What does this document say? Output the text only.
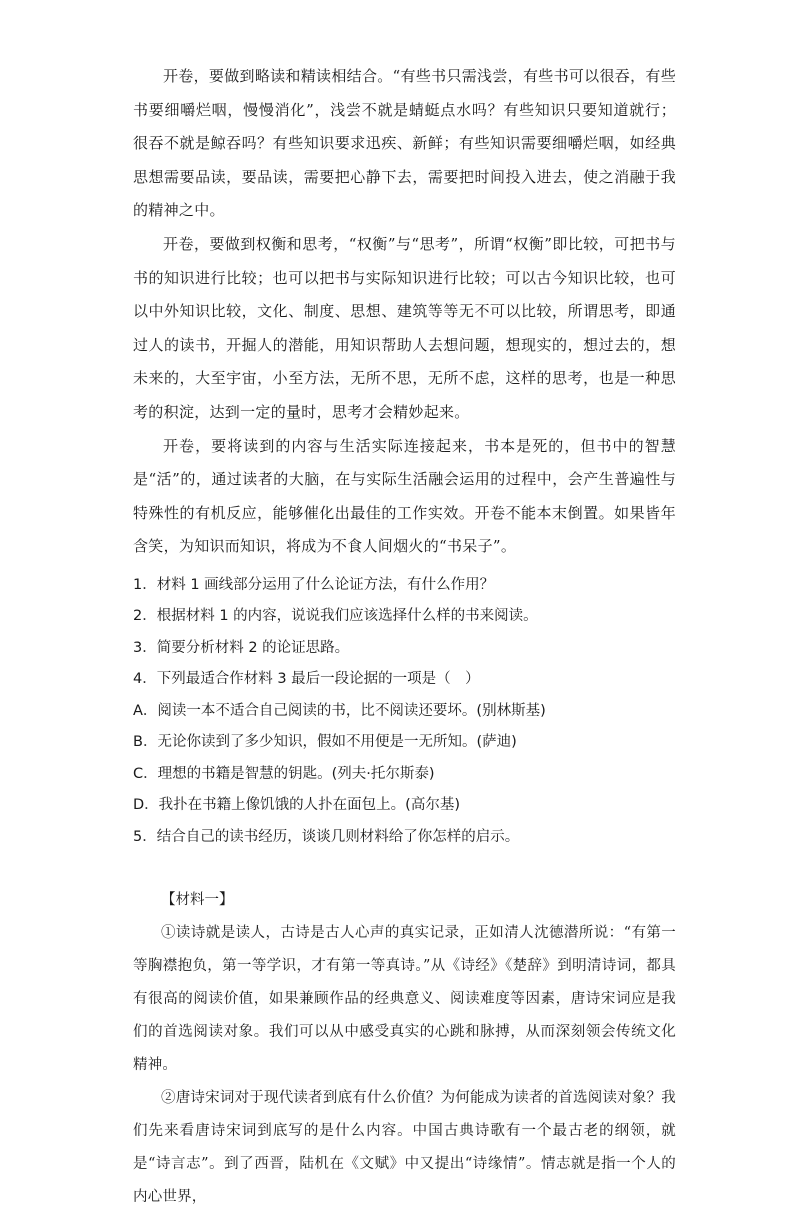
开卷，要做到略读和精读相结合。“有些书只需浅尝，有些书可以很吞，有些书要细嚼烂咽，慢慢消化”，浅尝不就是蜻蜓点水吗？有些知识只要知道就行；很吞不就是鲸吞吗？有些知识要求迅疾、新鲜；有些知识需要细嚼烂咽，如经典思想需要品读，要品读，需要把心静下去，需要把时间投入进去，使之消融于我的精神之中。

开卷，要做到权衡和思考，“权衡”与“思考”，所谓“权衡”即比较，可把书与书的知识进行比较；也可以把书与实际知识进行比较；可以古今知识比较，也可以中外知识比较，文化、制度、思想、建筑等等无不可以比较，所谓思考，即通过人的读书，开掘人的潜能，用知识帮助人去想问题，想现实的，想过去的，想未来的，大至宇宙，小至方法，无所不思，无所不虑，这样的思考，也是一种思考的积淀，达到一定的量时，思考才会精妙起来。

开卷，要将读到的内容与生活实际连接起来，书本是死的，但书中的智慧是“活”的，通过读者的大脑，在与实际生活融会运用的过程中，会产生普遍性与特殊性的有机反应，能够催化出最佳的工作实效。开卷不能本末倒置。如果皆年含笑，为知识而知识，将成为不食人间烟火的“书呆子”。

1．材料 1 画线部分运用了什么论证方法，有什么作用？
2．根据材料 1 的内容，说说我们应该选择什么样的书来阅读。
3．简要分析材料 2 的论证思路。
4．下列最适合作材料 3 最后一段论据的一项是（　）
A．阅读一本不适合自己阅读的书，比不阅读还要坏。(别林斯基)
B．无论你读到了多少知识，假如不用便是一无所知。(萨迪)
C．理想的书籍是智慧的钥匙。(列夫·托尔斯泰)
D．我扑在书籍上像饥饿的人扑在面包上。(高尔基)
5．结合自己的读书经历，谈谈几则材料给了你怎样的启示。

【材料一】

①读诗就是读人，古诗是古人心声的真实记录，正如清人沈德潜所说：“有第一等胸襟抱负，第一等学识，才有第一等真诗。”从《诗经》《楚辞》到明清诗词，都具有很高的阅读价值，如果兼顾作品的经典意义、阅读难度等因素，唐诗宋词应是我们的首选阅读对象。我们可以从中感受真实的心跳和脉搏，从而深刻领会传统文化精神。

②唐诗宋词对于现代读者到底有什么价值？为何能成为读者的首选阅读对象？我们先来看唐诗宋词到底写的是什么内容。中国古典诗歌有一个最古老的纲领，就是“诗言志”。到了西晋，陆机在《文赋》中又提出“诗缘情”。情志就是指一个人的内心世界，
